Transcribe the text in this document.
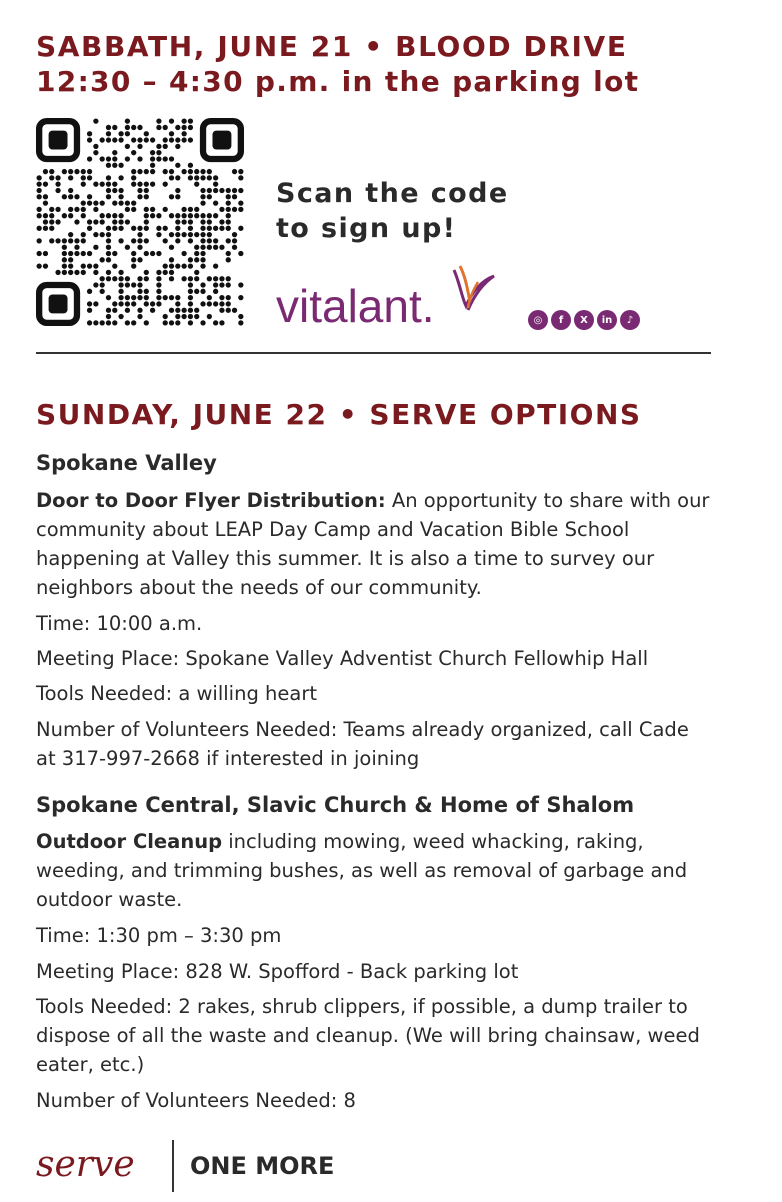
SABBATH, JUNE 21 • BLOOD DRIVE
12:30 – 4:30 p.m. in the parking lot
Scan the code
to sign up!
vitalant.	◎	f	X	in	♪
SUNDAY, JUNE 22 • SERVE OPTIONS
Spokane Valley
Door to Door Flyer Distribution: An opportunity to share with our community about LEAP Day Camp and Vacation Bible School happening at Valley this summer. It is also a time to survey our neighbors about the needs of our community.
Time: 10:00 a.m.
Meeting Place: Spokane Valley Adventist Church Fellowhip Hall
Tools Needed: a willing heart
Number of Volunteers Needed: Teams already organized, call Cade at 317-997-2668 if interested in joining
Spokane Central, Slavic Church & Home of Shalom
Outdoor Cleanup including mowing, weed whacking, raking, weeding, and trimming bushes, as well as removal of garbage and outdoor waste.
Time: 1:30 pm – 3:30 pm
Meeting Place: 828 W. Spofford - Back parking lot
Tools Needed: 2 rakes, shrub clippers, if possible, a dump trailer to dispose of all the waste and cleanup. (We will bring chainsaw, weed eater, etc.)
Number of Volunteers Needed: 8
serve ONE MORE
